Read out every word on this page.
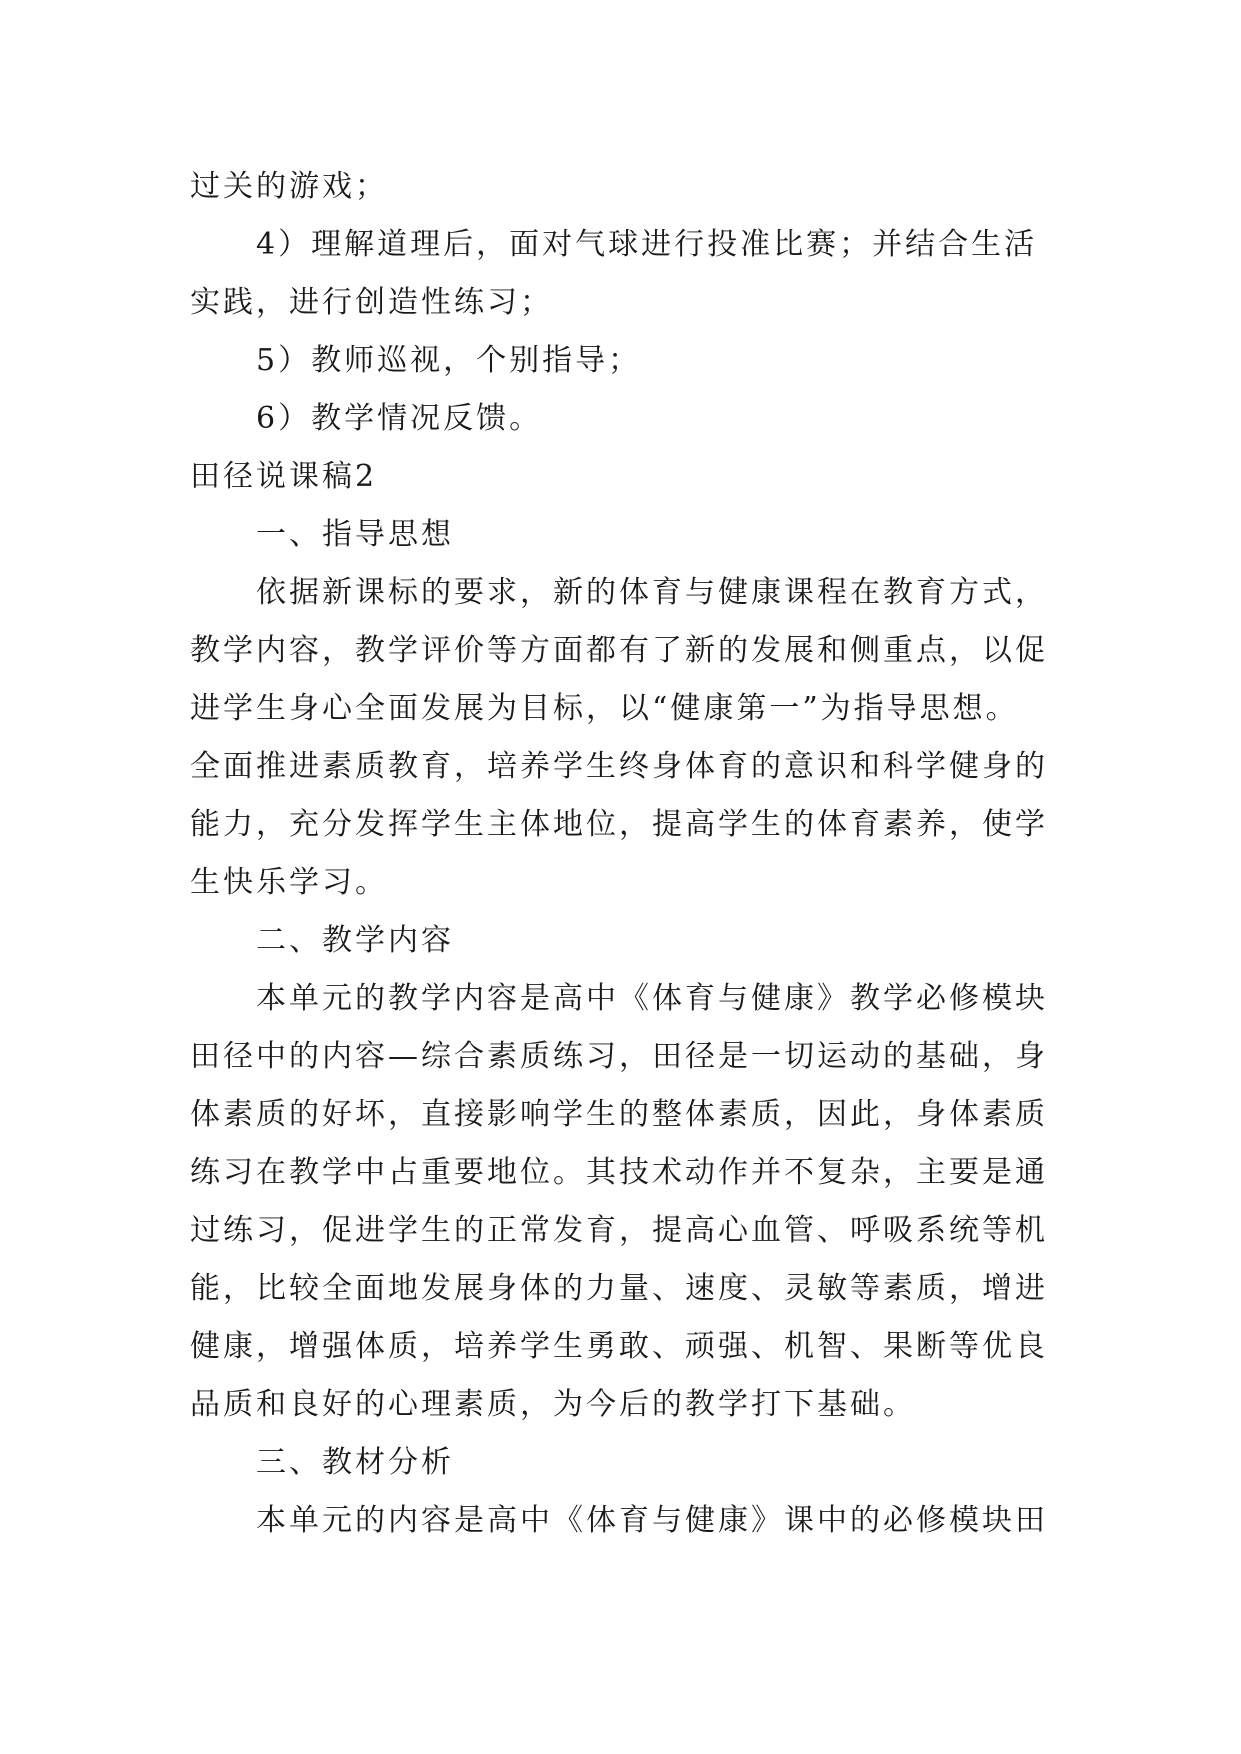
过关的游戏；
4）理解道理后，面对气球进行投准比赛；并结合生活
实践，进行创造性练习；
5）教师巡视，个别指导；
6）教学情况反馈。
田径说课稿2
一、指导思想
依据新课标的要求，新的体育与健康课程在教育方式，
教学内容，教学评价等方面都有了新的发展和侧重点，以促
进学生身心全面发展为目标，以“健康第一”为指导思想。
全面推进素质教育，培养学生终身体育的意识和科学健身的
能力，充分发挥学生主体地位，提高学生的体育素养，使学
生快乐学习。
二、教学内容
本单元的教学内容是高中《体育与健康》教学必修模块
田径中的内容—综合素质练习，田径是一切运动的基础，身
体素质的好坏，直接影响学生的整体素质，因此，身体素质
练习在教学中占重要地位。其技术动作并不复杂，主要是通
过练习，促进学生的正常发育，提高心血管、呼吸系统等机
能，比较全面地发展身体的力量、速度、灵敏等素质，增进
健康，增强体质，培养学生勇敢、顽强、机智、果断等优良
品质和良好的心理素质，为今后的教学打下基础。
三、教材分析
本单元的内容是高中《体育与健康》课中的必修模块田
